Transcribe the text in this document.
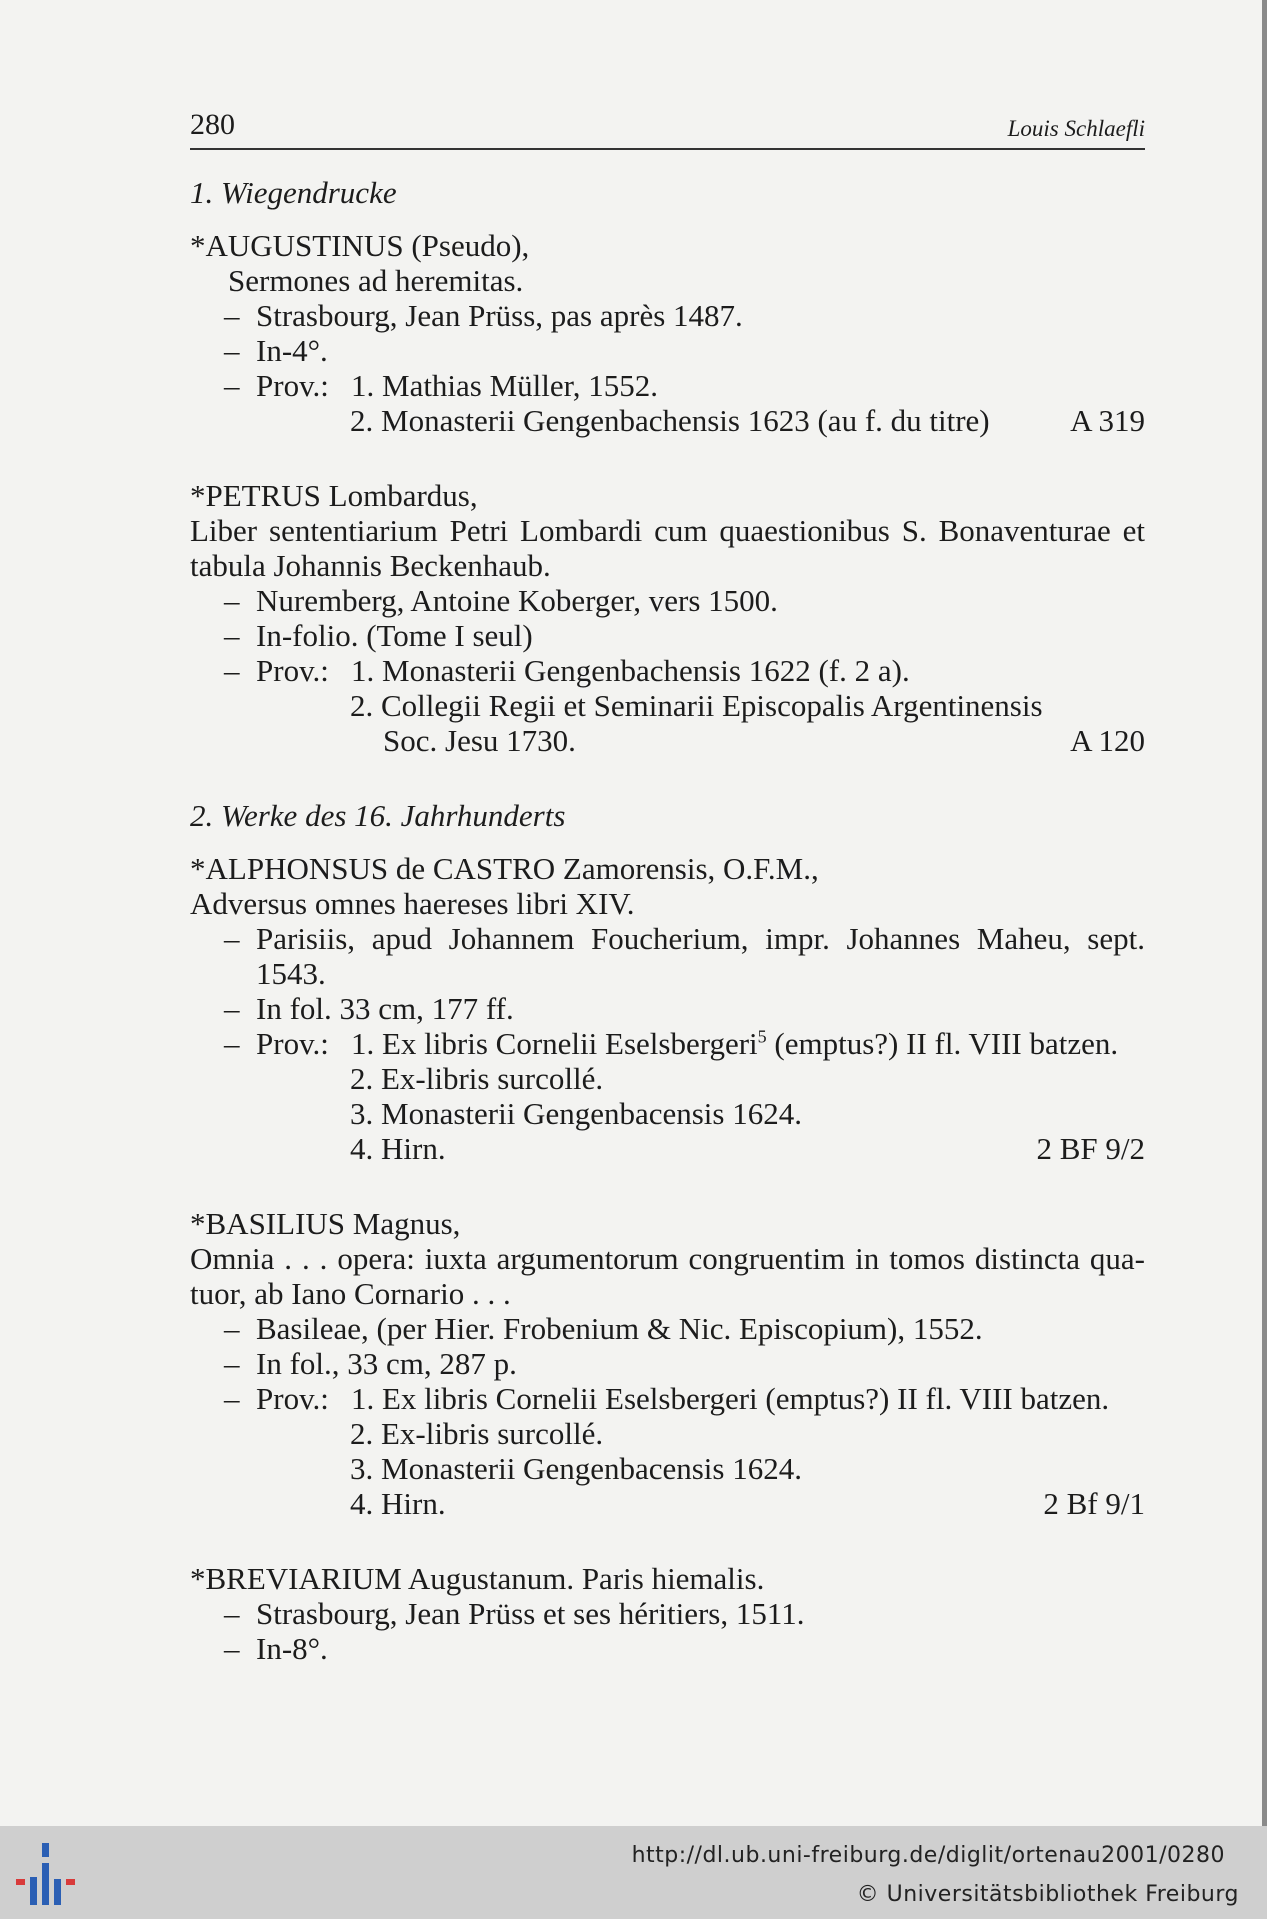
280	Louis Schlaefli
1. Wiegendrucke
*AUGUSTINUS (Pseudo),
Sermones ad heremitas.
– Strasbourg, Jean Prüss, pas après 1487.
– In-4°.
– Prov.: 1. Mathias Müller, 1552.
2. Monasterii Gengenbachensis 1623 (au f. du titre)	A 319
*PETRUS Lombardus,
Liber sententiarium Petri Lombardi cum quaestionibus S. Bonaventurae et
tabula Johannis Beckenhaub.
– Nuremberg, Antoine Koberger, vers 1500.
– In-folio. (Tome I seul)
– Prov.: 1. Monasterii Gengenbachensis 1622 (f. 2 a).
2. Collegii Regii et Seminarii Episcopalis Argentinensis
Soc. Jesu 1730.	A 120
2. Werke des 16. Jahrhunderts
*ALPHONSUS de CASTRO Zamorensis, O.F.M.,
Adversus omnes haereses libri XIV.
– Parisiis, apud Johannem Foucherium, impr. Johannes Maheu, sept.
1543.
– In fol. 33 cm, 177 ff.
– Prov.: 1. Ex libris Cornelii Eselsbergeri$^5$ (emptus?) II fl. VIII batzen.
2. Ex-libris surcollé.
3. Monasterii Gengenbacensis 1624.
4. Hirn.	2 BF 9/2
*BASILIUS Magnus,
Omnia . . . opera: iuxta argumentorum congruentim in tomos distincta qua-
tuor, ab Iano Cornario . . .
– Basileae, (per Hier. Frobenium & Nic. Episcopium), 1552.
– In fol., 33 cm, 287 p.
– Prov.: 1. Ex libris Cornelii Eselsbergeri (emptus?) II fl. VIII batzen.
2. Ex-libris surcollé.
3. Monasterii Gengenbacensis 1624.
4. Hirn.	2 Bf 9/1
*BREVIARIUM Augustanum. Paris hiemalis.
– Strasbourg, Jean Prüss et ses héritiers, 1511.
– In-8°.
http://dl.ub.uni-freiburg.de/diglit/ortenau2001/0280
© Universitätsbibliothek Freiburg
